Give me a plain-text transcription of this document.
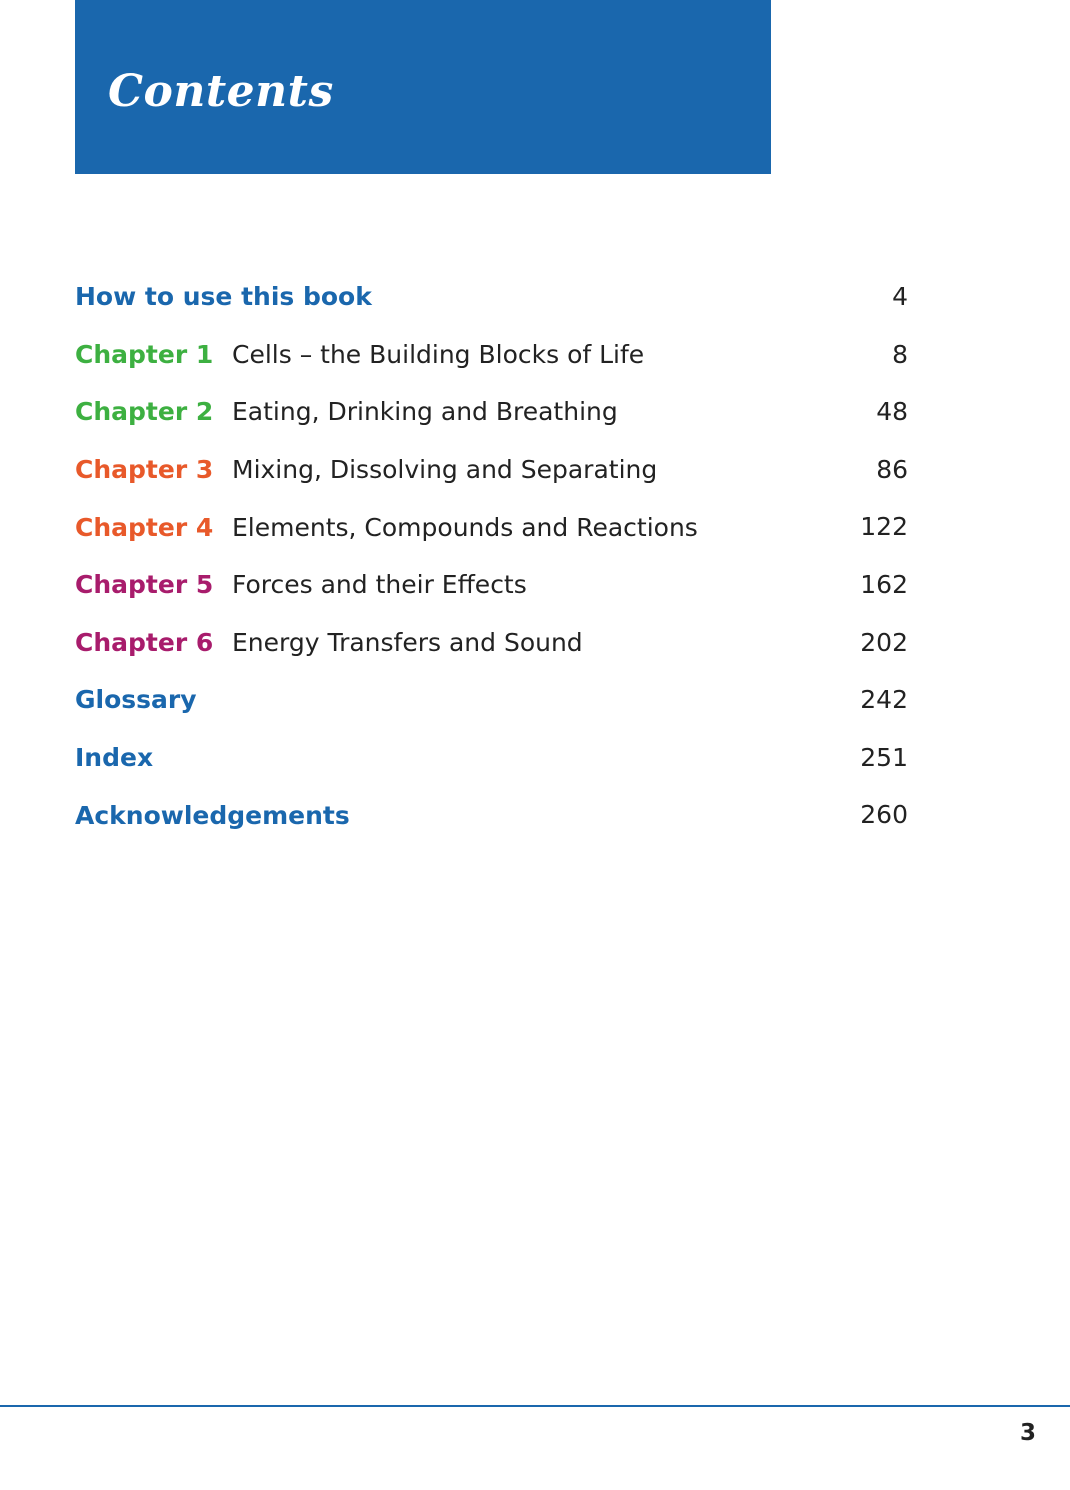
Contents
How to use this book	4
Chapter 1 Cells – the Building Blocks of Life	8
Chapter 2 Eating, Drinking and Breathing	48
Chapter 3 Mixing, Dissolving and Separating	86
Chapter 4 Elements, Compounds and Reactions	122
Chapter 5 Forces and their Effects	162
Chapter 6 Energy Transfers and Sound	202
Glossary	242
Index	251
Acknowledgements	260
3
